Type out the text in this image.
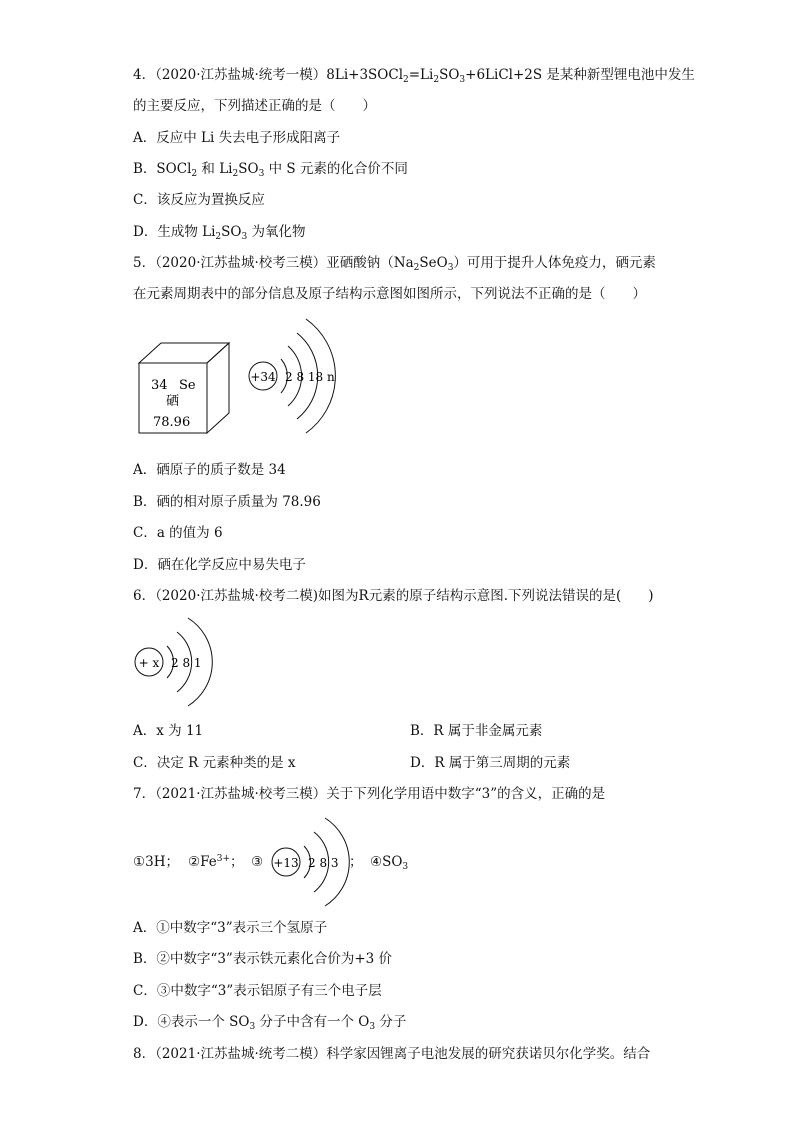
4．（2020·江苏盐城·统考一模）$8Li+3SOCl_2=Li_2SO_3+6LiCl+2S$ 是某种新型锂电池中发生
的主要反应，下列描述正确的是（　　）
A．反应中 Li 失去电子形成阳离子
B．SOCl$_2$ 和 $Li_2SO_3$ 中 S 元素的化合价不同
C．该反应为置换反应
D．生成物 $Li_2SO_3$ 为氧化物
5．（2020·江苏盐城·校考三模）亚硒酸钠$(Na_2SeO_3)$可用于提升人体免疫力，硒元素
在元素周期表中的部分信息及原子结构示意图如图所示，下列说法不正确的是（　　）
34 Se
硒
78.96
+34 2 8 18 n
A．硒原子的质子数是 34
B．硒的相对原子质量为 78.96
C．a 的值为 6
D．硒在化学反应中易失电子
6．（2020·江苏盐城·校考二模)如图为R元素的原子结构示意图.下列说法错误的是(　　)
+ x 2 8 1
A．x 为 11	B．R 属于非金属元素
C．决定 R 元素种类的是 x	D．R 属于第三周期的元素
7．（2021·江苏盐城·校考三模）关于下列化学用语中数字“3”的含义，正确的是
①3H； $②Fe^{3+}$； ③ +13 2 8 3 ； $④SO_3$
A．①中数字“3”表示三个氢原子
B．②中数字“3”表示铁元素化合价为+3 价
C．③中数字“3”表示铝原子有三个电子层
D．④表示一个 $SO_3$ 分子中含有一个 $O_3$ 分子
8．（2021·江苏盐城·统考二模）科学家因锂离子电池发展的研究获诺贝尔化学奖。结合
